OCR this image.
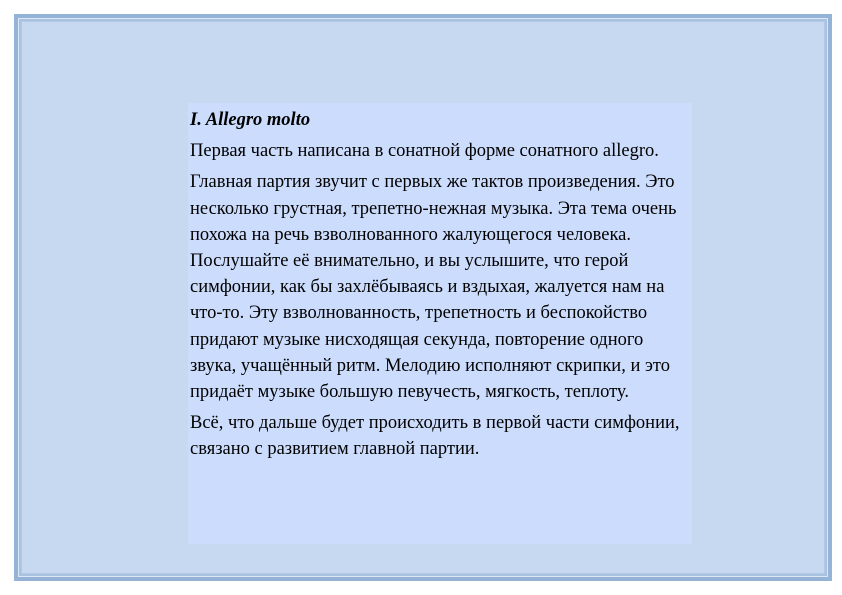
I. Allegro molto

Первая часть написана в сонатной форме сонатного allegro.

Главная партия звучит с первых же тактов произведения. Это несколько грустная, трепетно-нежная музыка. Эта тема очень похожа на речь взволнованного жалующегося человека. Послушайте её внимательно, и вы услышите, что герой симфонии, как бы захлёбываясь и вздыхая, жалуется нам на что-то. Эту взволнованность, трепетность и беспокойство придают музыке нисходящая секунда, повторение одного звука, учащённый ритм. Мелодию исполняют скрипки, и это придаёт музыке большую певучесть, мягкость, теплоту.

Всё, что дальше будет происходить в первой части симфонии, связано с развитием главной партии.
